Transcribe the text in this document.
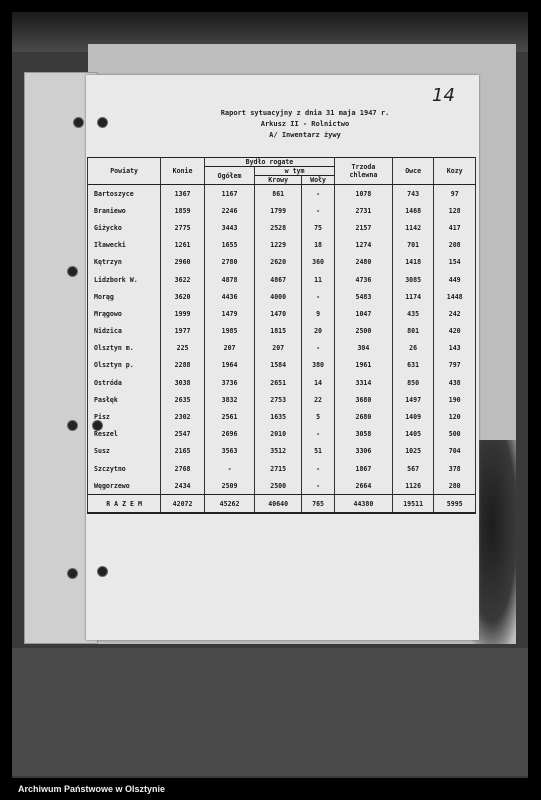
14
Raport sytuacyjny z dnia 31 maja 1947 r.
Arkusz II - Rolnictwo
A/ Inwentarz żywy
Powiaty	Konie	Bydło rogate			Trzoda chlewna	Owce	Kozy
		Ogółem	w tym				
			Krowy	Woły			
Bartoszyce	1367	1167	861	-	1078	743	97
Braniewo	1859	2246	1799	-	2731	1468	128
Giżycko	2775	3443	2528	75	2157	1142	417
Iławecki	1261	1655	1229	18	1274	701	208
Kętrzyn	2960	2780	2620	360	2480	1418	154
Lidzbork W.	3622	4878	4867	11	4736	3085	449
Morąg	3620	4436	4000	-	5483	1174	1448
Mrągowo	1999	1479	1470	9	1047	435	242
Nidzica	1977	1985	1815	20	2500	801	420
Olsztyn m.	225	207	207	-	304	26	143
Olsztyn p.	2288	1964	1584	380	1961	631	797
Ostróda	3038	3736	2651	14	3314	850	438
Pasłęk	2635	3832	2753	22	3680	1497	190
Pisz	2302	2561	1635	5	2680	1409	120
Reszel	2547	2696	2010	-	3058	1405	500
Susz	2165	3563	3512	51	3306	1025	704
Szczytno	2768	-	2715	-	1867	567	378
Węgorzewo	2434	2509	2500	-	2664	1126	280
R A Z E M	42072	45262	40640	765	44380	19511	5995
Archiwum Państwowe w Olsztynie
